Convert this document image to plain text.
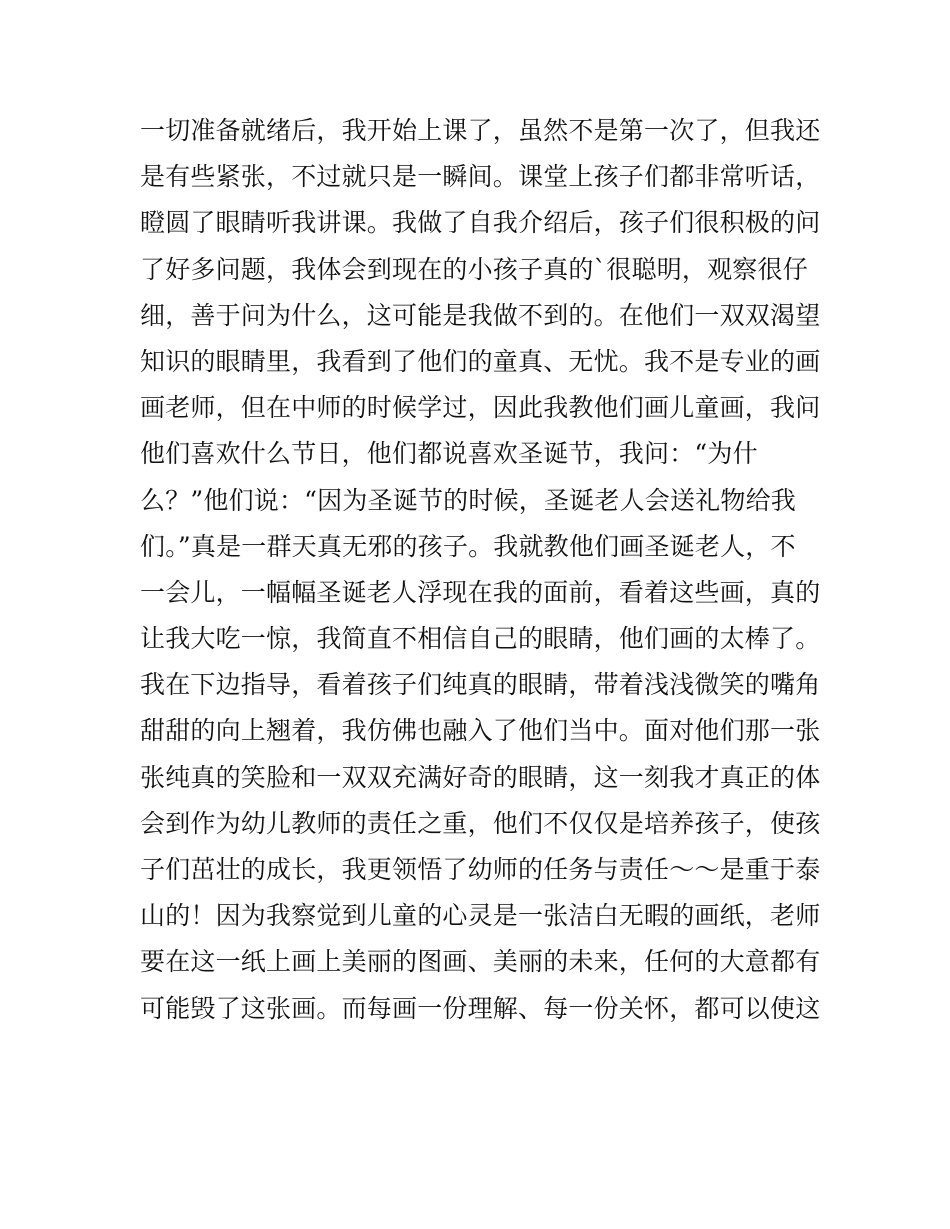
一切准备就绪后，我开始上课了，虽然不是第一次了，但我还
是有些紧张，不过就只是一瞬间。课堂上孩子们都非常听话，
瞪圆了眼睛听我讲课。我做了自我介绍后，孩子们很积极的问
了好多问题，我体会到现在的小孩子真的`很聪明，观察很仔
细，善于问为什么，这可能是我做不到的。在他们一双双渴望
知识的眼睛里，我看到了他们的童真、无忧。我不是专业的画
画老师，但在中师的时候学过，因此我教他们画儿童画，我问
他们喜欢什么节日，他们都说喜欢圣诞节，我问：“为什
么？”他们说：“因为圣诞节的时候，圣诞老人会送礼物给我
们。”真是一群天真无邪的孩子。我就教他们画圣诞老人，不
一会儿，一幅幅圣诞老人浮现在我的面前，看着这些画，真的
让我大吃一惊，我简直不相信自己的眼睛，他们画的太棒了。
我在下边指导，看着孩子们纯真的眼睛，带着浅浅微笑的嘴角
甜甜的向上翘着，我仿佛也融入了他们当中。面对他们那一张
张纯真的笑脸和一双双充满好奇的眼睛，这一刻我才真正的体
会到作为幼儿教师的责任之重，他们不仅仅是培养孩子，使孩
子们茁壮的成长，我更领悟了幼师的任务与责任～～是重于泰
山的！因为我察觉到儿童的心灵是一张洁白无暇的画纸，老师
要在这一纸上画上美丽的图画、美丽的未来，任何的大意都有
可能毁了这张画。而每画一份理解、每一份关怀，都可以使这
